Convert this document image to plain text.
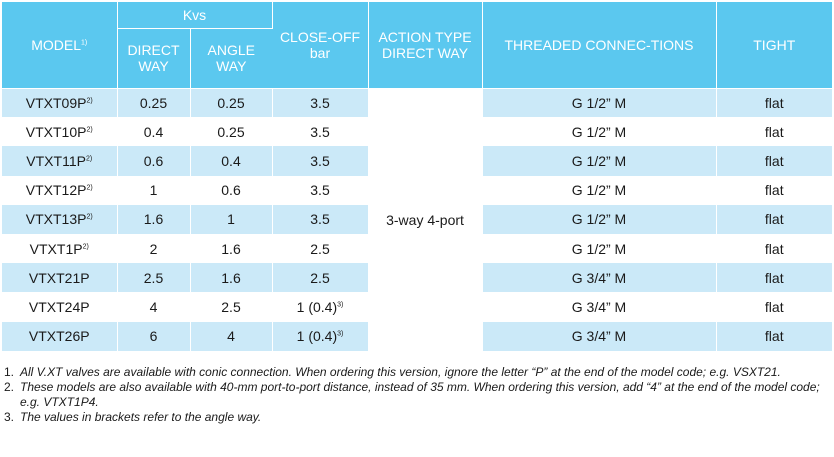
MODEL$^{1)}$	Kvs		CLOSE-OFF bar	ACTION TYPE DIRECT WAY	THREADED CONNEC-TIONS	TIGHT
	DIRECT WAY	ANGLE WAY				
$VTXT09P^{2)}$	0.25	0.25	3.5	3-way 4-port	G 1/2” M	flat
$VTXT10P^{2)}$	0.4	0.25	3.5		G 1/2” M	flat
$VTXT11P^{2)}$	0.6	0.4	3.5		G 1/2” M	flat
$VTXT12P^{2)}$	1	0.6	3.5		G 1/2” M	flat
$VTXT13P^{2)}$	1.6	1	3.5		G 1/2” M	flat
$VTXT1P^{2)}$	2	1.6	2.5		G 1/2” M	flat
VTXT21P	2.5	1.6	2.5		G 3/4” M	flat
VTXT24P	4	2.5	1 $(0.4)^{3)}$		G 3/4” M	flat
VTXT26P	6	4	1 $(0.4)^{3)}$		G 3/4” M	flat
1. All V.XT valves are available with conic connection. When ordering this version, ignore the letter “P” at the end of the model code; e.g. VSXT21.
2. These models are also available with 40-mm port-to-port distance, instead of 35 mm. When ordering this version, add “4” at the end of the model code; e.g. VTXT1P4.
3. The values in brackets refer to the angle way.
